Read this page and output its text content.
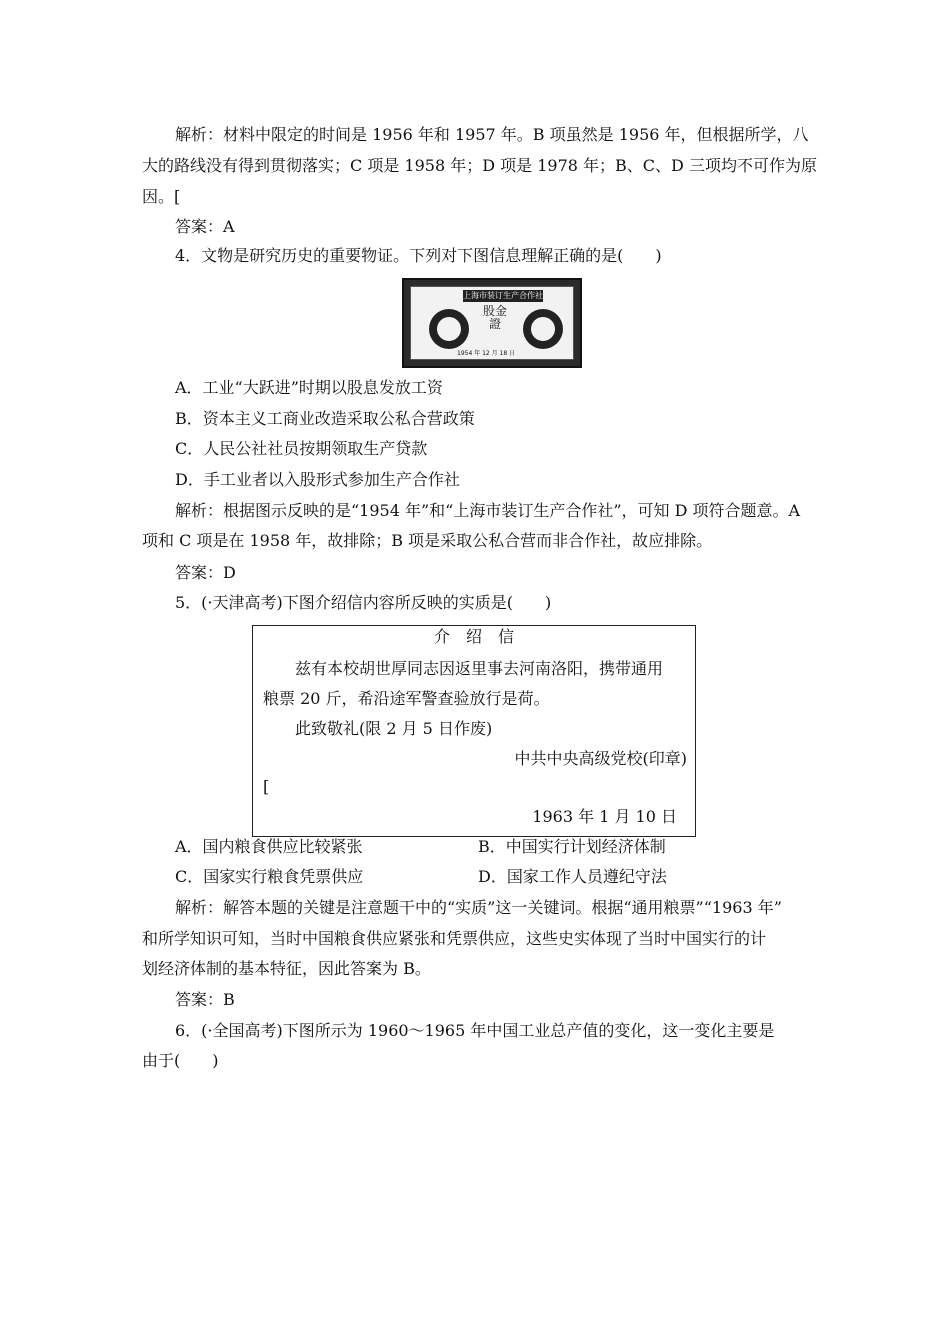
解析：材料中限定的时间是 1956 年和 1957 年。B 项虽然是 1956 年，但根据所学，八
大的路线没有得到贯彻落实；C 项是 1958 年；D 项是 1978 年；B、C、D 三项均不可作为原
因。[
答案：A
4．文物是研究历史的重要物证。下列对下图信息理解正确的是(　　)
上海市装订生产合作社
股金證
1954 年 12 月 18 日
A．工业“大跃进”时期以股息发放工资
B．资本主义工商业改造采取公私合营政策
C．人民公社社员按期领取生产贷款
D．手工业者以入股形式参加生产合作社
解析：根据图示反映的是“1954 年”和“上海市装订生产合作社”，可知 D 项符合题意。A
项和 C 项是在 1958 年，故排除；B 项是采取公私合营而非合作社，故应排除。
答案：D
5．(·天津高考)下图介绍信内容所反映的实质是(　　)
介　绍　信
兹有本校胡世厚同志因返里事去河南洛阳，携带通用
粮票 20 斤，希沿途军警查验放行是荷。
此致敬礼(限 2 月 5 日作废)
中共中央高级党校(印章)
[
1963 年 1 月 10 日
A．国内粮食供应比较紧张	B．中国实行计划经济体制
C．国家实行粮食凭票供应	D．国家工作人员遵纪守法
解析：解答本题的关键是注意题干中的“实质”这一关键词。根据“通用粮票”“1963 年”
和所学知识可知，当时中国粮食供应紧张和凭票供应，这些史实体现了当时中国实行的计
划经济体制的基本特征，因此答案为 B。
答案：B
6．(·全国高考)下图所示为 1960～1965 年中国工业总产值的变化，这一变化主要是
由于(　　)
